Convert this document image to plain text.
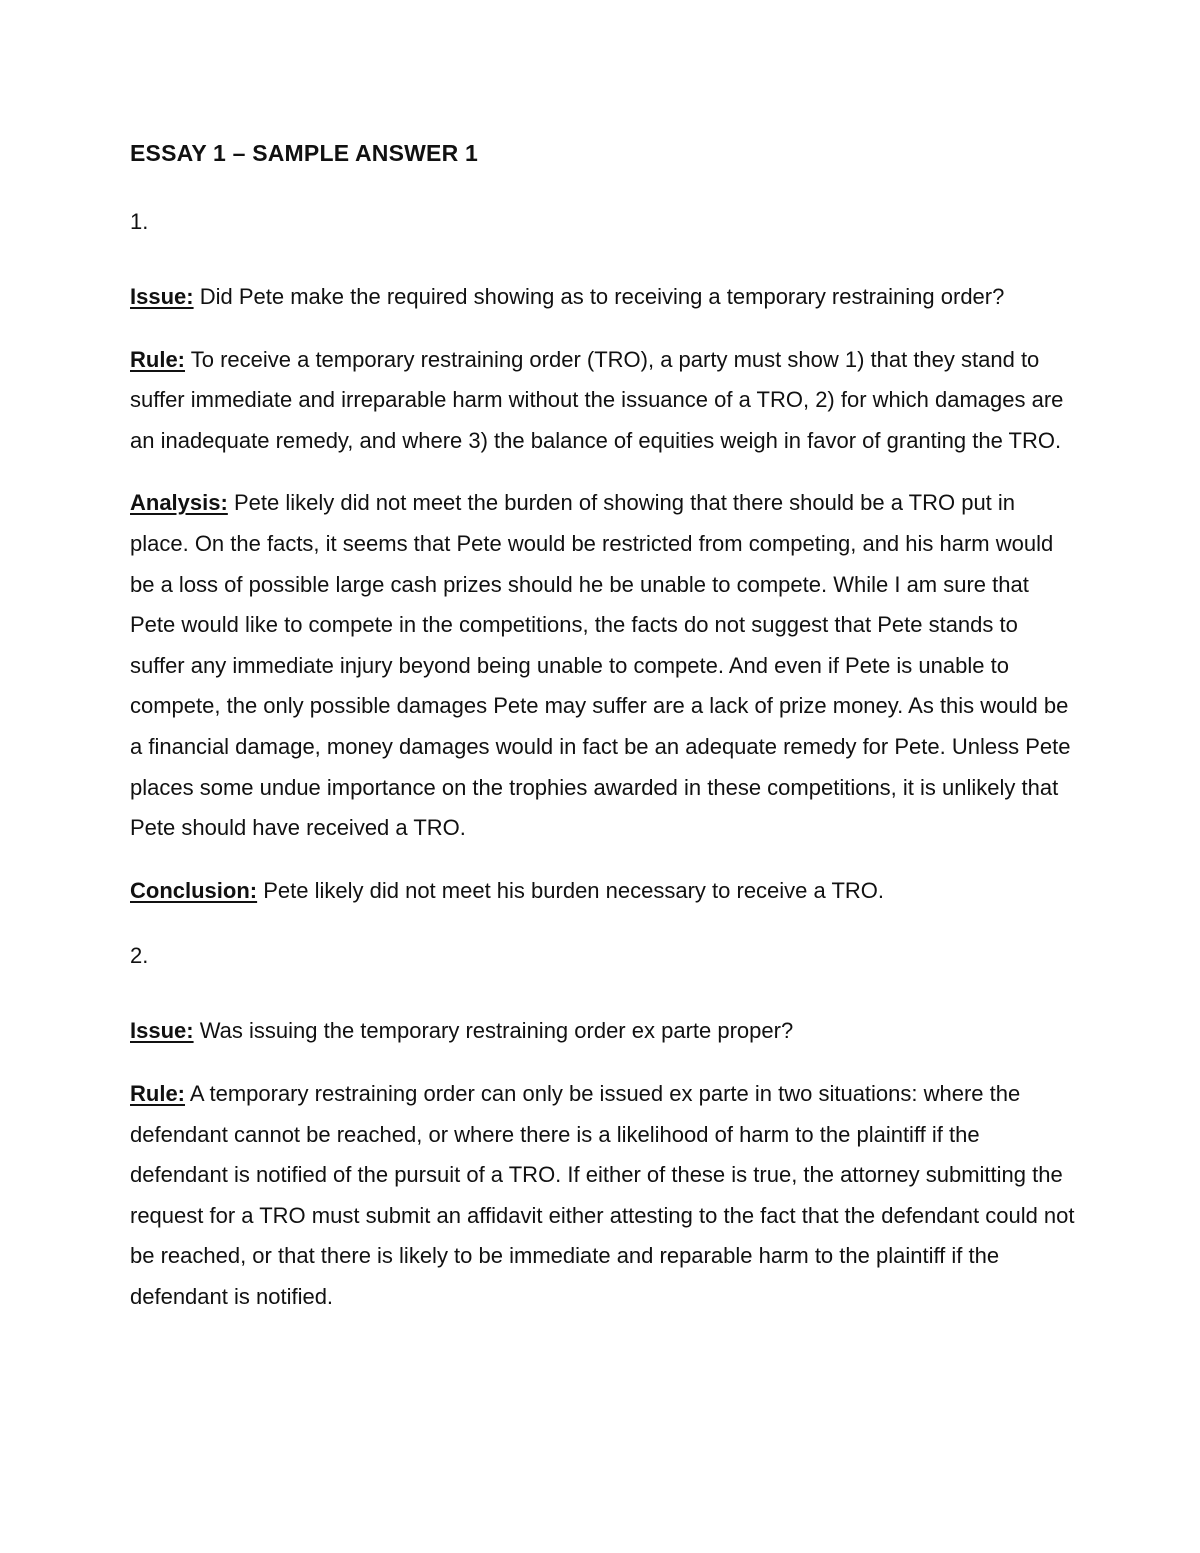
ESSAY 1 – SAMPLE ANSWER 1
1.

Issue: Did Pete make the required showing as to receiving a temporary restraining order?

Rule: To receive a temporary restraining order (TRO), a party must show 1) that they stand to suffer immediate and irreparable harm without the issuance of a TRO, 2) for which damages are an inadequate remedy, and where 3) the balance of equities weigh in favor of granting the TRO.

Analysis: Pete likely did not meet the burden of showing that there should be a TRO put in place. On the facts, it seems that Pete would be restricted from competing, and his harm would be a loss of possible large cash prizes should he be unable to compete. While I am sure that Pete would like to compete in the competitions, the facts do not suggest that Pete stands to suffer any immediate injury beyond being unable to compete. And even if Pete is unable to compete, the only possible damages Pete may suffer are a lack of prize money. As this would be a financial damage, money damages would in fact be an adequate remedy for Pete. Unless Pete places some undue importance on the trophies awarded in these competitions, it is unlikely that Pete should have received a TRO.

Conclusion: Pete likely did not meet his burden necessary to receive a TRO.

2.

Issue: Was issuing the temporary restraining order ex parte proper?

Rule: A temporary restraining order can only be issued ex parte in two situations: where the defendant cannot be reached, or where there is a likelihood of harm to the plaintiff if the defendant is notified of the pursuit of a TRO. If either of these is true, the attorney submitting the request for a TRO must submit an affidavit either attesting to the fact that the defendant could not be reached, or that there is likely to be immediate and reparable harm to the plaintiff if the defendant is notified.
